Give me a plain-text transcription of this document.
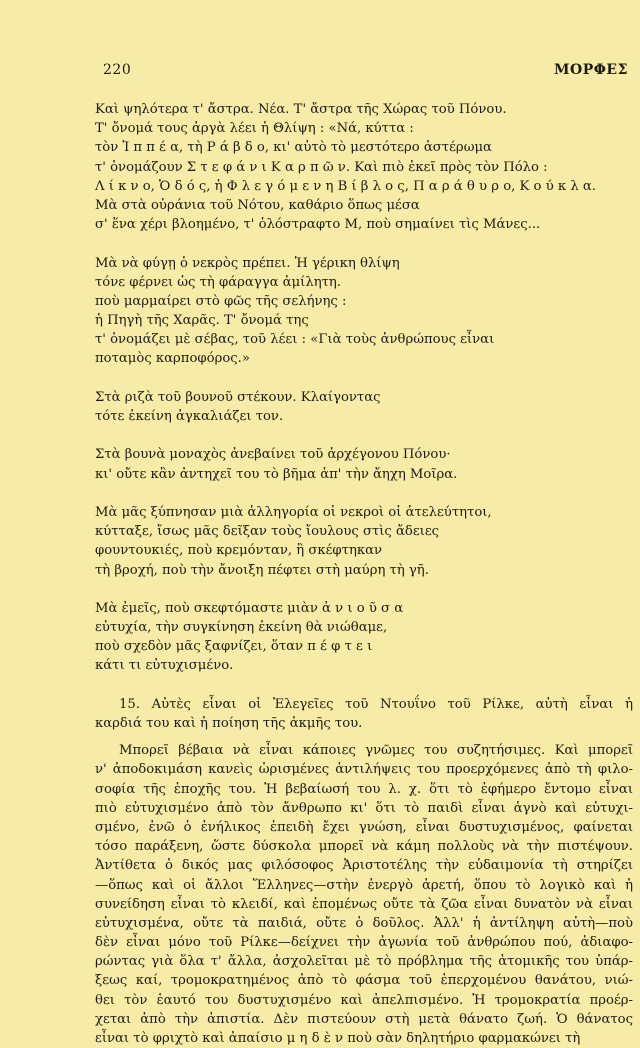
220	ΜΟΡΦΕΣ
Καὶ ψηλότερα τ' ἄστρα. Νέα. Τ' ἄστρα τῆς Χώρας τοῦ Πόνου.
Τ' ὄνομά τους ἀργὰ λέει ἡ Θλίψη : «Νά, κύττα :
τὸν Ἱ π π έ α, τὴ Ρ ά β δ ο, κι' αὐτὸ τὸ μεστότερο ἀστέρωμα
τ' ὀνομάζουν Σ τ ε φ ά ν ι Κ α ρ π ῶ ν. Καὶ πιὸ ἐκεῖ πρὸς τὸν Πόλο :
Λ ί κ ν ο, Ὁ δ ό ς, ἡ Φ λ ε γ ό μ ε ν η Β ί β λ ο ς, Π α ρ ά θ υ ρ ο, Κ ο ύ κ λ α.
Μὰ στὰ οὐράνια τοῦ Νότου, καθάριο ὅπως μέσα
σ' ἕνα χέρι βλοημένο, τ' ὁλόστραφτο Μ, ποὺ σημαίνει τὶς Μάνες...
Μὰ νὰ φύγῃ ὁ νεκρὸς πρέπει. Ἡ γέρικη θλίψη
τόνε φέρνει ὡς τὴ φάραγγα ἀμίλητη.
ποὺ μαρμαίρει στὸ φῶς τῆς σελήνης :
ἡ Πηγὴ τῆς Χαρᾶς. Τ' ὄνομά της
τ' ὀνομάζει μὲ σέβας, τοῦ λέει : «Γιὰ τοὺς ἀνθρώπους εἶναι
ποταμὸς καρποφόρος.»
Στὰ ριζὰ τοῦ βουνοῦ στέκουν. Κλαίγοντας
τότε ἐκείνη ἀγκαλιάζει τον.
Στὰ βουνὰ μοναχὸς ἀνεβαίνει τοῦ ἀρχέγονου Πόνου·
κι' οὔτε κἂν ἀντηχεῖ του τὸ βῆμα ἀπ' τὴν ἄηχη Μοῖρα.
Μὰ μᾶς ξύπνησαν μιὰ ἀλληγορία οἱ νεκροὶ οἱ ἀτελεύτητοι,
κύτταξε, ἴσως μᾶς δεῖξαν τοὺς ἴουλους στὶς ἄδειες
φουντουκιές, ποὺ κρεμόνταν, ἢ σκέφτηκαν
τὴ βροχή, ποὺ τὴν ἄνοιξη πέφτει στὴ μαύρη τὴ γῆ.
Μὰ ἐμεῖς, ποὺ σκεφτόμαστε μιὰν ἀ ν ι ο ῦ σ α
εὐτυχία, τὴν συγκίνηση ἐκείνη θὰ νιώθαμε,
ποὺ σχεδὸν μᾶς ξαφνίζει, ὅταν π έ φ τ ε ι
κάτι τι εὐτυχισμένο.
15. Αὐτὲς εἶναι οἱ Ἐλεγεῖες τοῦ Ντουΐνο τοῦ Ρίλκε, αὐτὴ εἶναι ἡ
καρδιά του καὶ ἡ ποίηση τῆς ἀκμῆς του.
Μπορεῖ βέβαια νὰ εἶναι κάποιες γνῶμες του συζητήσιμες. Καὶ μπορεῖ
ν' ἀποδοκιμάση κανεὶς ὡρισμένες ἀντιλήψεις του προερχόμενες ἀπὸ τὴ φιλο-
σοφία τῆς ἐποχῆς του. Ἡ βεβαίωσή του λ. χ. ὅτι τὸ ἐφήμερο ἔντομο εἶναι
πιὸ εὐτυχισμένο ἀπὸ τὸν ἄνθρωπο κι' ὅτι τὸ παιδὶ εἶναι ἁγνὸ καὶ εὐτυχι-
σμένο, ἐνῶ ὁ ἐνήλικος ἐπειδὴ ἔχει γνώση, εἶναι δυστυχισμένος, φαίνεται
τόσο παράξενη, ὥστε δύσκολα μπορεῖ νὰ κάμη πολλοὺς νὰ τὴν πιστέψουν.
Ἀντίθετα ὁ δικός μας φιλόσοφος Ἀριστοτέλης τὴν εὐδαιμονία τὴ στηρίζει
—ὅπως καὶ οἱ ἄλλοι Ἕλληνες—στὴν ἐνεργὸ ἀρετή, ὅπου τὸ λογικὸ καὶ ἡ
συνείδηση εἶναι τὸ κλειδί, καὶ ἑπομένως οὔτε τὰ ζῶα εἶναι δυνατὸν νὰ εἶναι
εὐτυχισμένα, οὔτε τὰ παιδιά, οὔτε ὁ δοῦλος. Ἀλλ' ἡ ἀντίληψη αὐτὴ—ποὺ
δὲν εἶναι μόνο τοῦ Ρίλκε—δείχνει τὴν ἀγωνία τοῦ ἀνθρώπου πού, ἀδιαφο-
ρώντας γιὰ ὅλα τ' ἄλλα, ἀσχολεῖται μὲ τὸ πρόβλημα τῆς ἀτομικῆς του ὑπάρ-
ξεως καί, τρομοκρατημένος ἀπὸ τὸ φάσμα τοῦ ἐπερχομένου θανάτου, νιώ-
θει τὸν ἑαυτό του δυστυχισμένο καὶ ἀπελπισμένο. Ἡ τρομοκρατία προέρ-
χεται ἀπὸ τὴν ἀπιστία. Δὲν πιστεύουν στὴ μετὰ θάνατο ζωή. Ὁ θάνατος
εἶναι τὸ φριχτὸ καὶ ἀπαίσιο μ η δ ὲ ν ποὺ σὰν δηλητήριο φαρμακώνει τὴ
